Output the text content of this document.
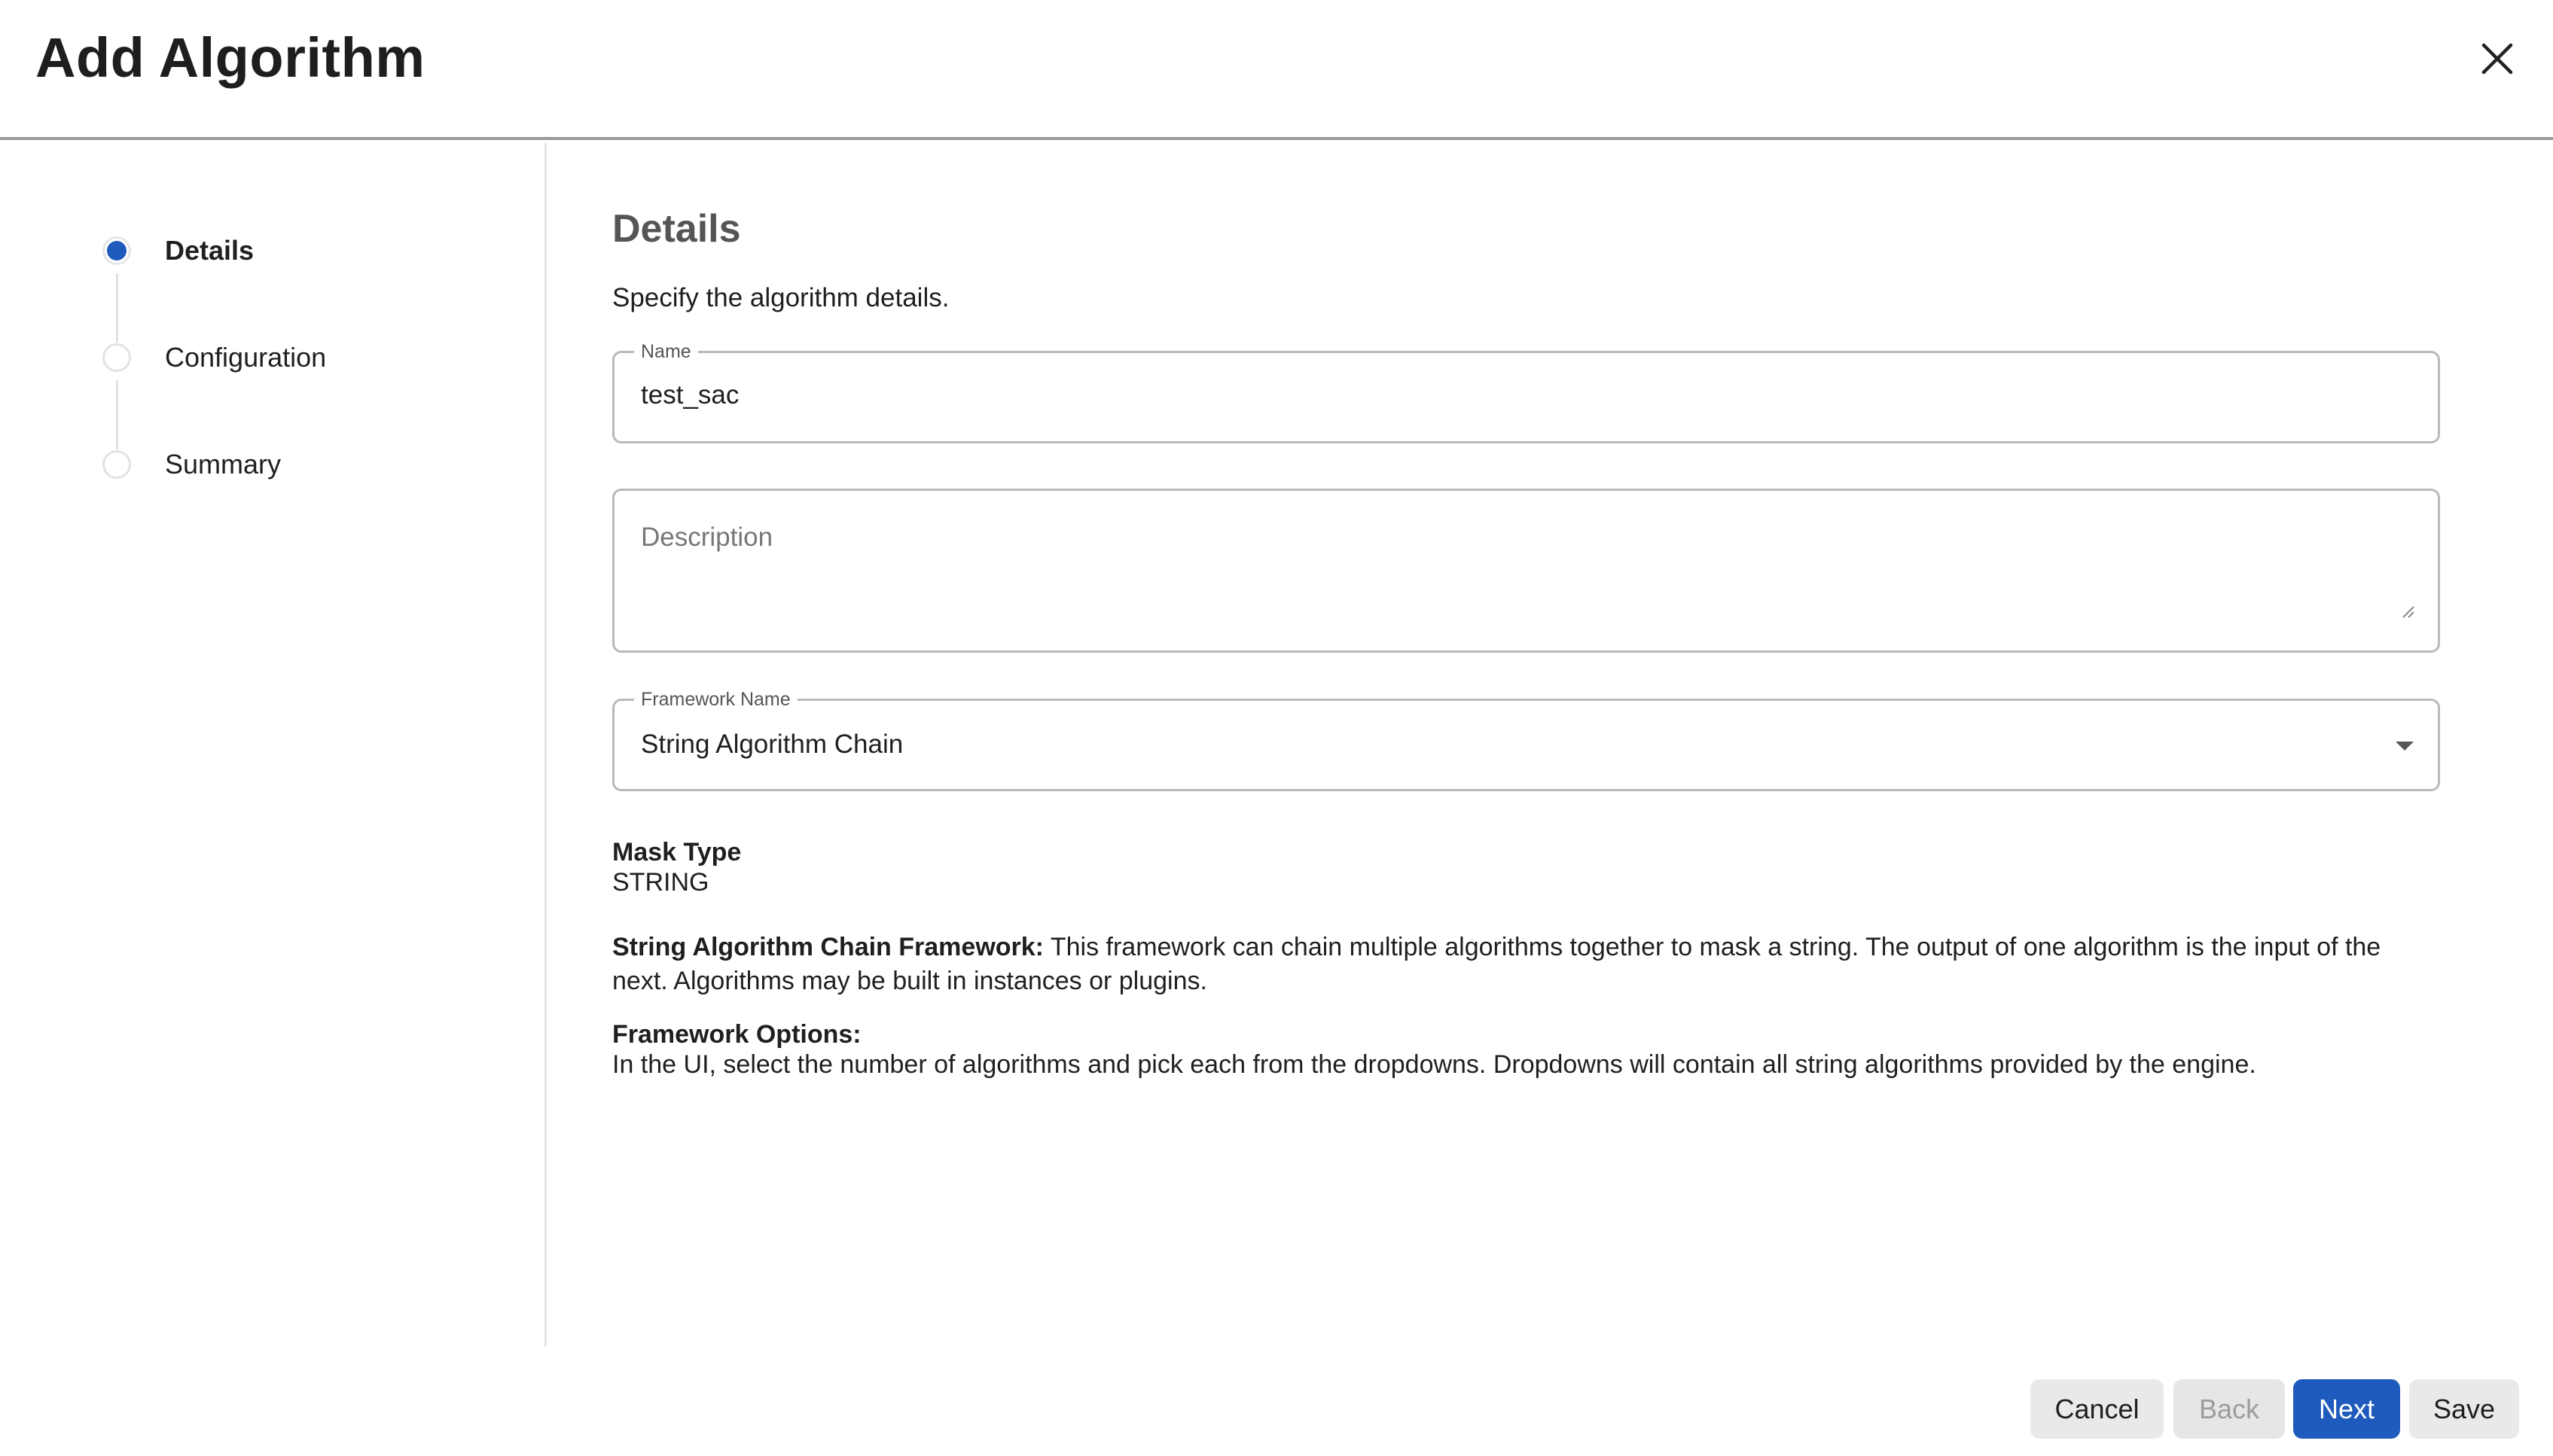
Add Algorithm
Details
Configuration
Summary
Details
Specify the algorithm details.
Name
test_sac
Description
Framework Name
String Algorithm Chain
Mask Type
STRING
String Algorithm Chain Framework: This framework can chain multiple algorithms together to mask a string. The output of one algorithm is the input of the next. Algorithms may be built in instances or plugins.
Framework Options:
In the UI, select the number of algorithms and pick each from the dropdowns. Dropdowns will contain all string algorithms provided by the engine.
Cancel	Back	Next	Save
